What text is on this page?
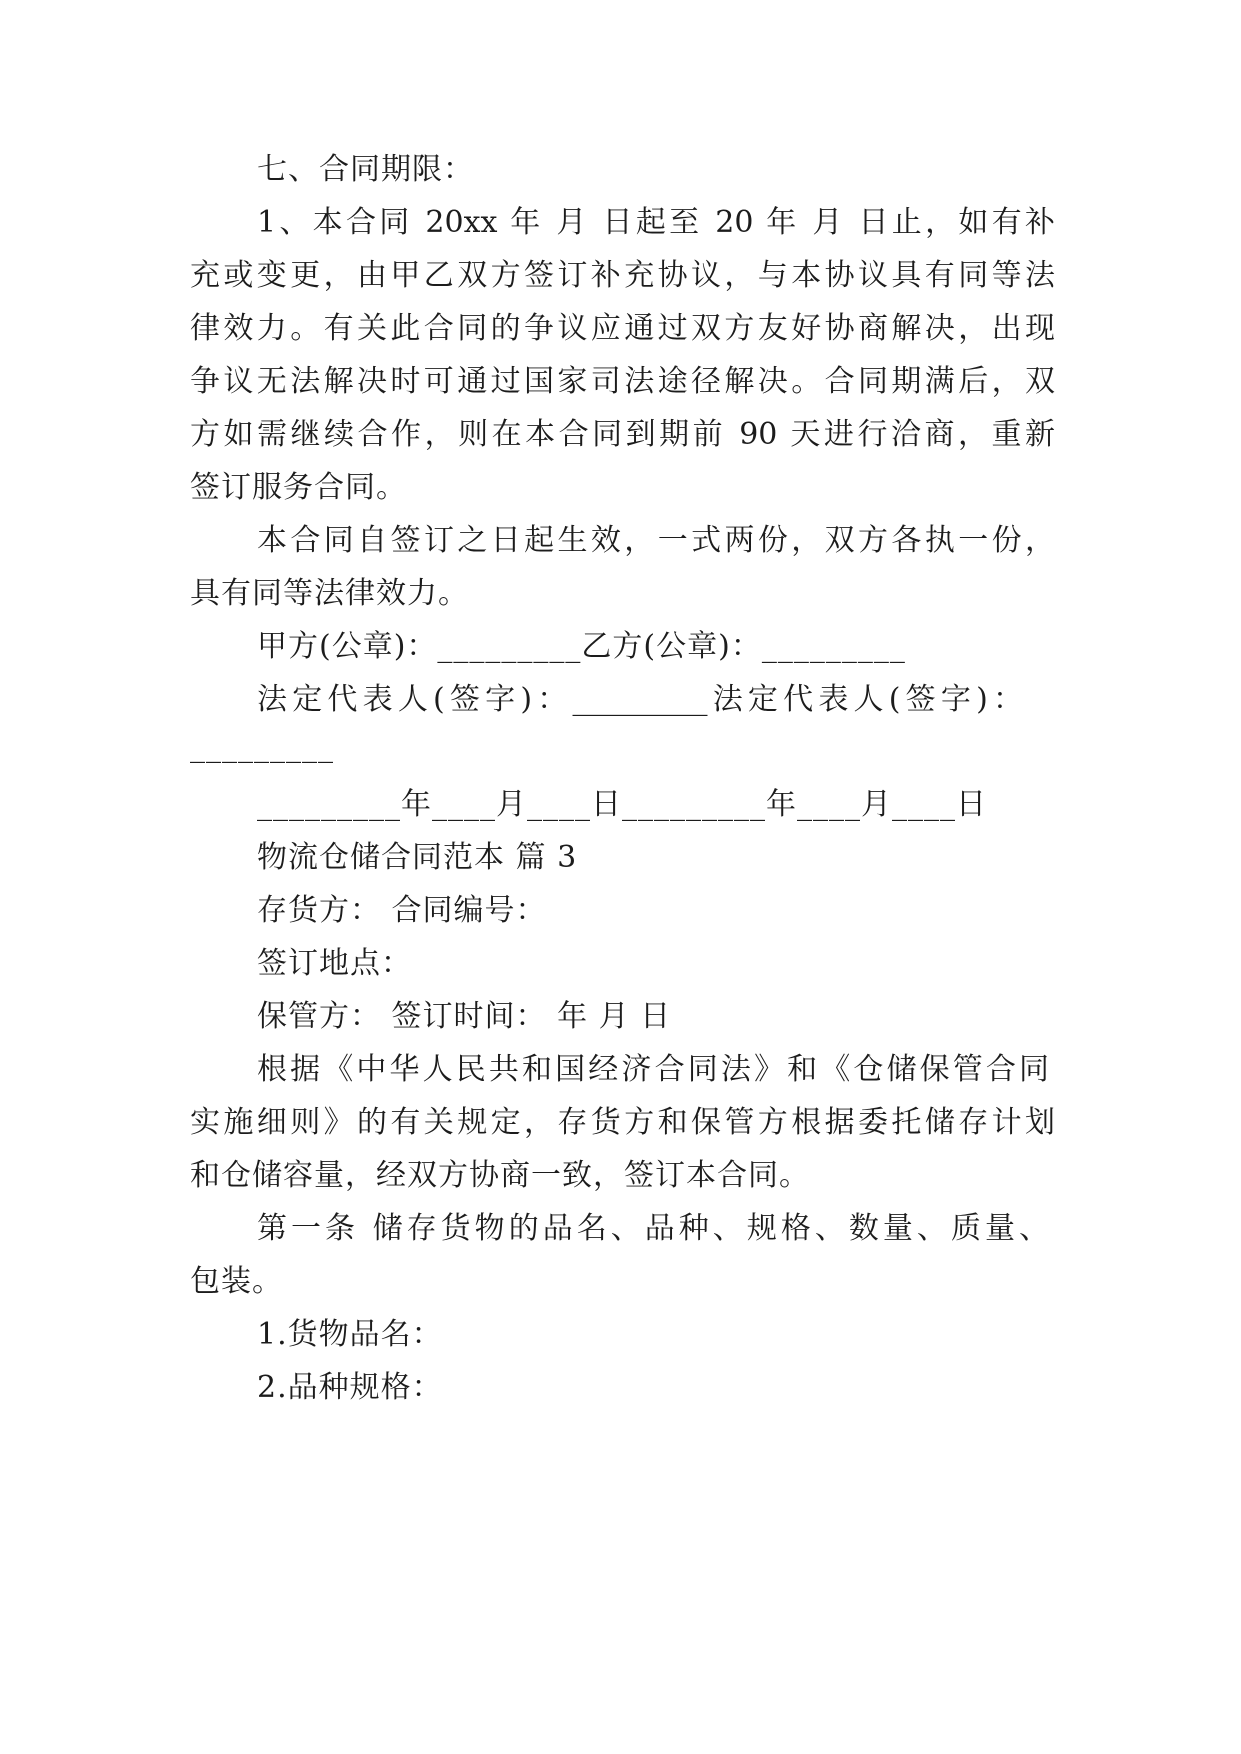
七、合同期限：

1、本合同 20xx 年 月 日起至 20 年 月 日止，如有补

充或变更，由甲乙双方签订补充协议，与本协议具有同等法

律效力。有关此合同的争议应通过双方友好协商解决，出现

争议无法解决时可通过国家司法途径解决。合同期满后，双

方如需继续合作，则在本合同到期前 90 天进行洽商，重新

签订服务合同。

本合同自签订之日起生效，一式两份，双方各执一份，

具有同等法律效力。

甲方(公章)：_________乙方(公章)：_________

法定代表人(签字)：_________法定代表人(签字)：

_________

_________年____月____日_________年____月____日

物流仓储合同范本 篇 3

存货方： 合同编号：

签订地点：

保管方： 签订时间： 年 月 日

根据《中华人民共和国经济合同法》和《仓储保管合同

实施细则》的有关规定，存货方和保管方根据委托储存计划

和仓储容量，经双方协商一致，签订本合同。

第一条 储存货物的品名、品种、规格、数量、质量、

包装。

1.货物品名：

2.品种规格：
